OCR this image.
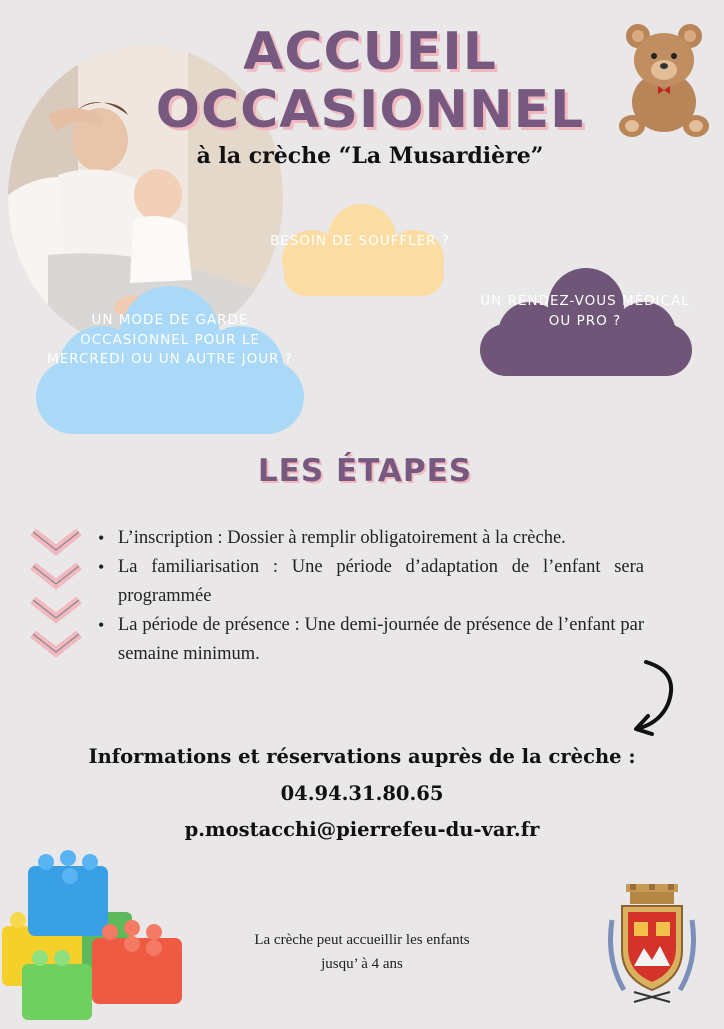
ACCUEIL
OCCASIONNEL
à la crèche “La Musardière”
BESOIN DE SOUFFLER ?
UN RENDEZ-VOUS MÉDICAL OU PRO ?
UN MODE DE GARDE OCCASIONNEL POUR LE MERCREDI OU UN AUTRE JOUR ?
LES ÉTAPES
• L’inscription : Dossier à remplir obligatoirement à la crèche.
• La familiarisation : Une période d’adaptation de l’enfant sera programmée
• La période de présence : Une demi-journée de présence de l’enfant par semaine minimum.
Informations et réservations auprès de la crèche :
04.94.31.80.65
p.mostacchi@pierrefeu-du-var.fr
La crèche peut accueillir les enfants
jusqu’ à 4 ans
